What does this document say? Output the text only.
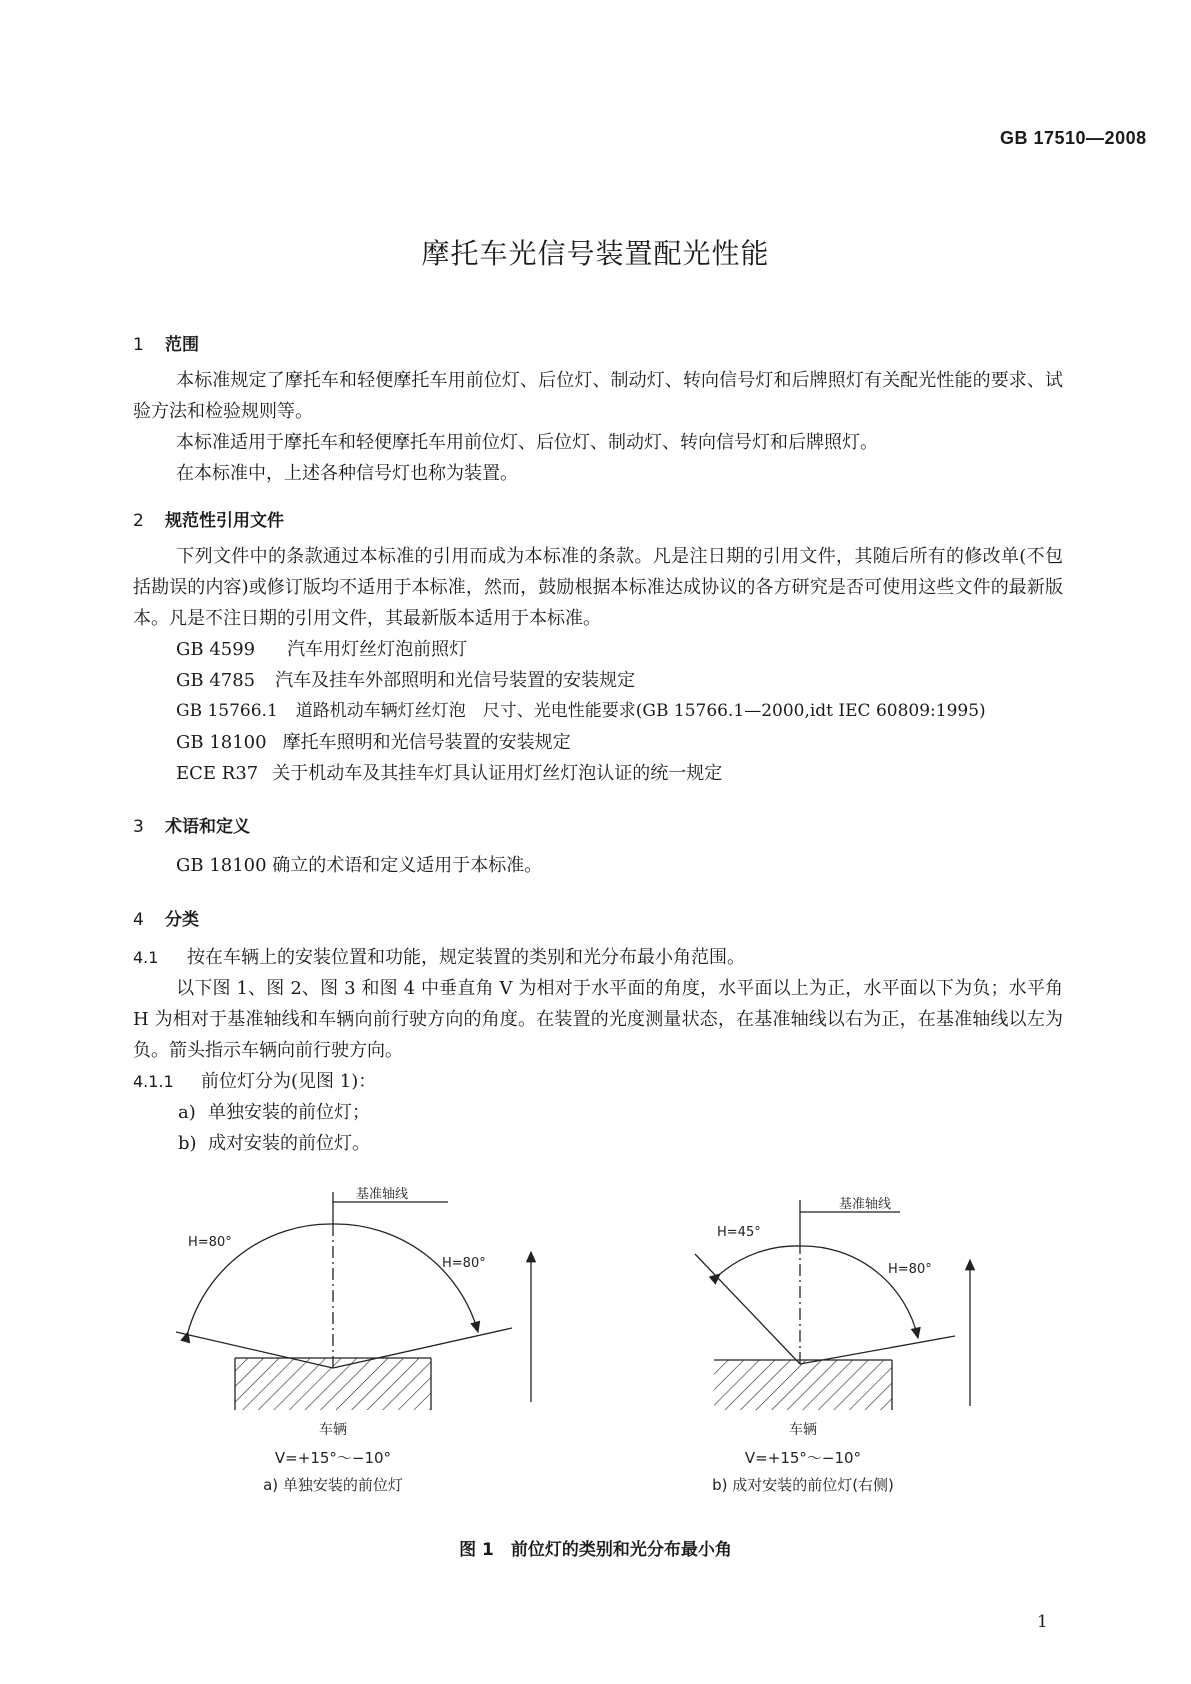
GB 17510—2008
摩托车光信号装置配光性能
1 范围
本标准规定了摩托车和轻便摩托车用前位灯、后位灯、制动灯、转向信号灯和后牌照灯有关配光性能的要求、试验方法和检验规则等。
本标准适用于摩托车和轻便摩托车用前位灯、后位灯、制动灯、转向信号灯和后牌照灯。
在本标准中，上述各种信号灯也称为装置。
2 规范性引用文件
下列文件中的条款通过本标准的引用而成为本标准的条款。凡是注日期的引用文件，其随后所有的修改单(不包括勘误的内容)或修订版均不适用于本标准，然而，鼓励根据本标准达成协议的各方研究是否可使用这些文件的最新版本。凡是不注日期的引用文件，其最新版本适用于本标准。
GB 4599 汽车用灯丝灯泡前照灯
GB 4785 汽车及挂车外部照明和光信号装置的安装规定
GB 15766.1 道路机动车辆灯丝灯泡　尺寸、光电性能要求(GB 15766.1—2000,idt IEC 60809:1995)
GB 18100 摩托车照明和光信号装置的安装规定
ECE R37 关于机动车及其挂车灯具认证用灯丝灯泡认证的统一规定
3 术语和定义
GB 18100 确立的术语和定义适用于本标准。
4 分类
4.1 按在车辆上的安装位置和功能，规定装置的类别和光分布最小角范围。
以下图 1、图 2、图 3 和图 4 中垂直角 V 为相对于水平面的角度，水平面以上为正，水平面以下为负；水平角 H 为相对于基准轴线和车辆向前行驶方向的角度。在装置的光度测量状态，在基准轴线以右为正，在基准轴线以左为负。箭头指示车辆向前行驶方向。
4.1.1 前位灯分为(见图 1)：
a) 单独安装的前位灯；
b) 成对安装的前位灯。
基准轴线
H=80°
H=80°
车辆
V=+15°～−10°
a) 单独安装的前位灯
基准轴线
H=45°
H=80°
车辆
V=+15°～−10°
b) 成对安装的前位灯(右侧)
图 1　前位灯的类别和光分布最小角
1
